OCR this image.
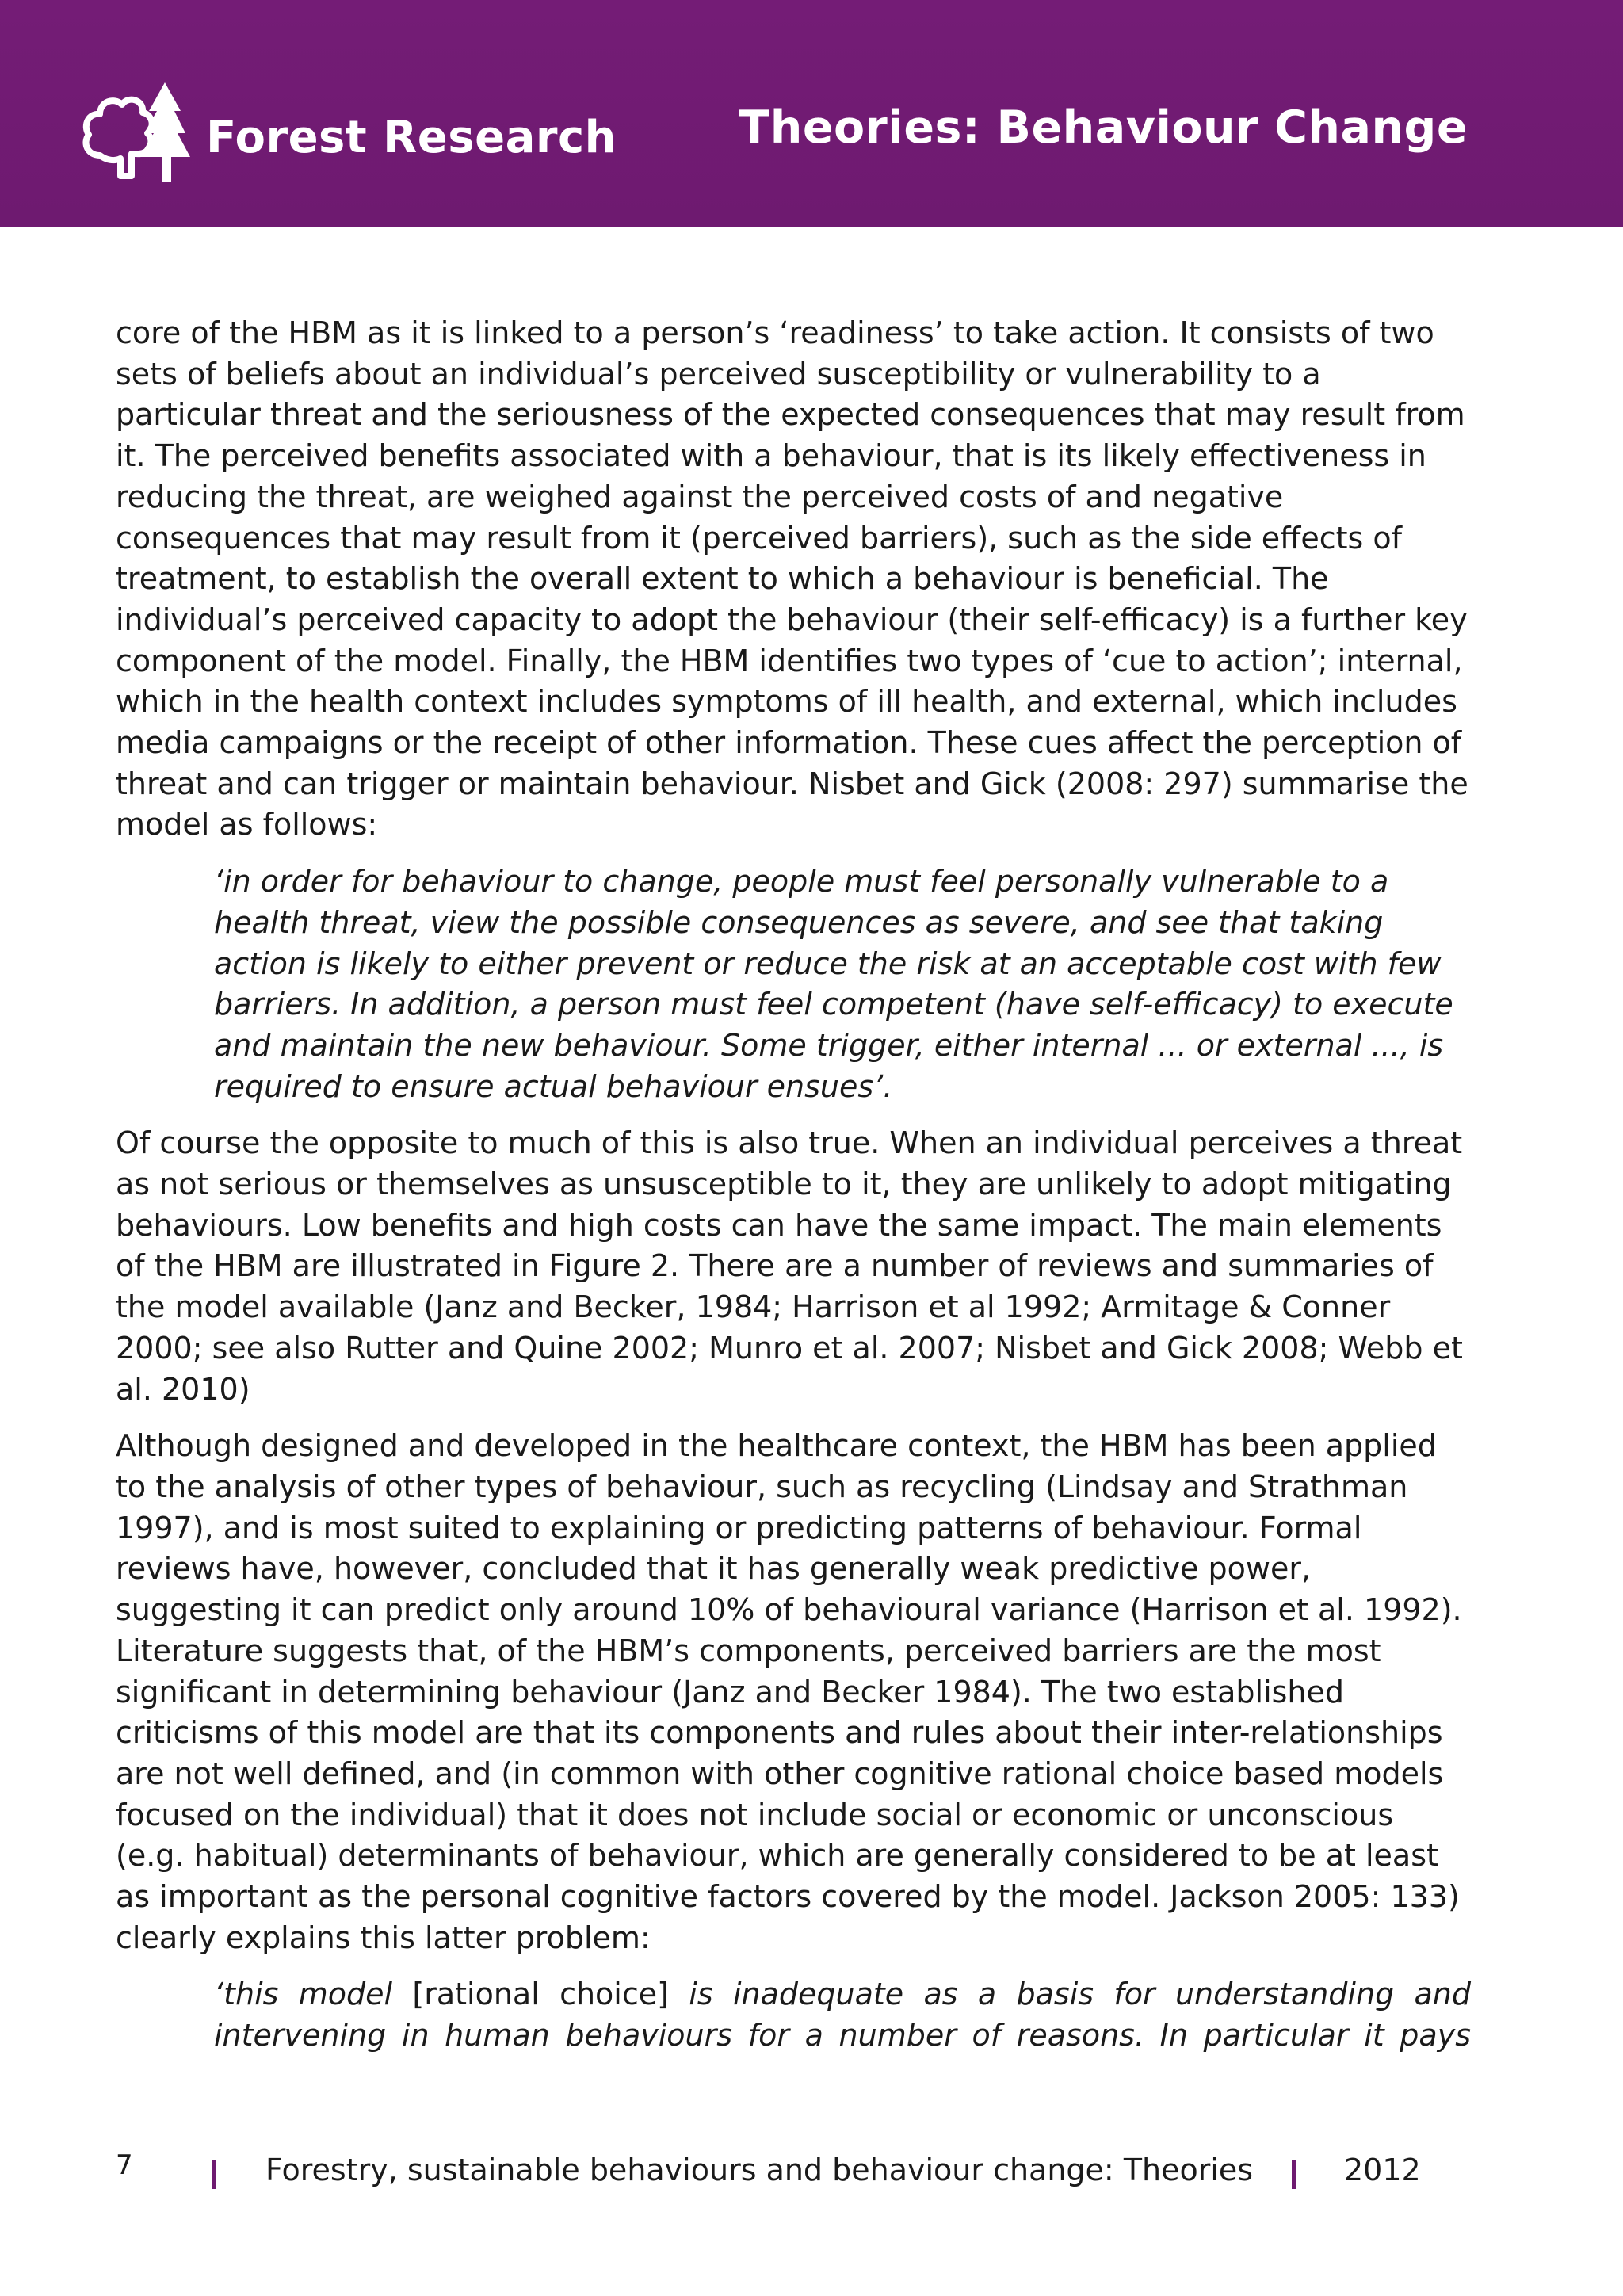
Forest Research	Theories: Behaviour Change

core of the HBM as it is linked to a person’s ‘readiness’ to take action. It consists of two sets of beliefs about an individual’s perceived susceptibility or vulnerability to a particular threat and the seriousness of the expected consequences that may result from it. The perceived benefits associated with a behaviour, that is its likely effectiveness in reducing the threat, are weighed against the perceived costs of and negative consequences that may result from it (perceived barriers), such as the side effects of treatment, to establish the overall extent to which a behaviour is beneficial. The individual’s perceived capacity to adopt the behaviour (their self-efficacy) is a further key component of the model. Finally, the HBM identifies two types of ‘cue to action’; internal, which in the health context includes symptoms of ill health, and external, which includes media campaigns or the receipt of other information. These cues affect the perception of threat and can trigger or maintain behaviour. Nisbet and Gick (2008: 297) summarise the model as follows:

‘in order for behaviour to change, people must feel personally vulnerable to a health threat, view the possible consequences as severe, and see that taking action is likely to either prevent or reduce the risk at an acceptable cost with few barriers. In addition, a person must feel competent (have self-efficacy) to execute and maintain the new behaviour. Some trigger, either internal ... or external ..., is required to ensure actual behaviour ensues’.

Of course the opposite to much of this is also true. When an individual perceives a threat as not serious or themselves as unsusceptible to it, they are unlikely to adopt mitigating behaviours. Low benefits and high costs can have the same impact. The main elements of the HBM are illustrated in Figure 2. There are a number of reviews and summaries of the model available (Janz and Becker, 1984; Harrison et al 1992; Armitage & Conner 2000; see also Rutter and Quine 2002; Munro et al. 2007; Nisbet and Gick 2008; Webb et al. 2010)

Although designed and developed in the healthcare context, the HBM has been applied to the analysis of other types of behaviour, such as recycling (Lindsay and Strathman 1997), and is most suited to explaining or predicting patterns of behaviour. Formal reviews have, however, concluded that it has generally weak predictive power, suggesting it can predict only around 10% of behavioural variance (Harrison et al. 1992). Literature suggests that, of the HBM’s components, perceived barriers are the most significant in determining behaviour (Janz and Becker 1984). The two established criticisms of this model are that its components and rules about their inter-relationships are not well defined, and (in common with other cognitive rational choice based models focused on the individual) that it does not include social or economic or unconscious (e.g. habitual) determinants of behaviour, which are generally considered to be at least as important as the personal cognitive factors covered by the model. Jackson 2005: 133) clearly explains this latter problem:

‘this model [rational choice] is inadequate as a basis for understanding and intervening in human behaviours for a number of reasons. In particular it pays

7	Forestry, sustainable behaviours and behaviour change: Theories	2012
